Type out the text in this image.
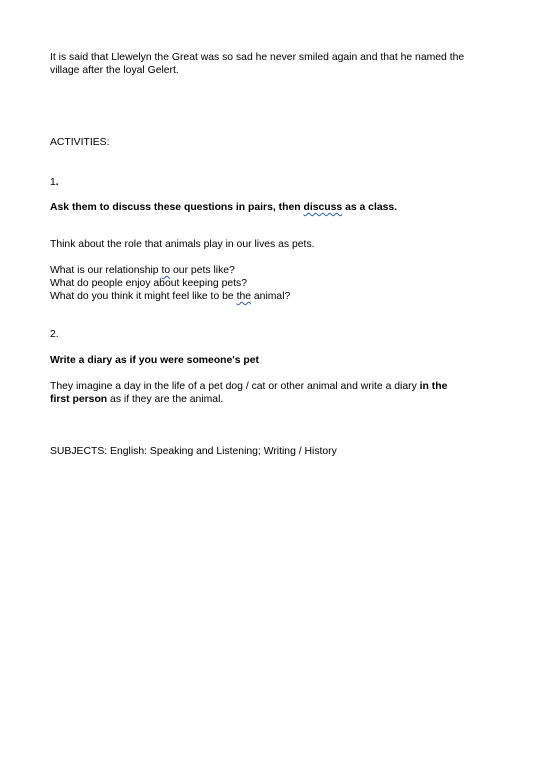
It is said that Llewelyn the Great was so sad he never smiled again and that he named the
village after the loyal Gelert.
ACTIVITIES:
1.
Ask them to discuss these questions in pairs, then discuss as a class.
Think about the role that animals play in our lives as pets.
What is our relationship to our pets like?
What do people enjoy about keeping pets?
What do you think it might feel like to be the animal?
2.
Write a diary as if you were someone's pet
They imagine a day in the life of a pet dog / cat or other animal and write a diary in the
first person as if they are the animal.
SUBJECTS: English: Speaking and Listening; Writing / History
